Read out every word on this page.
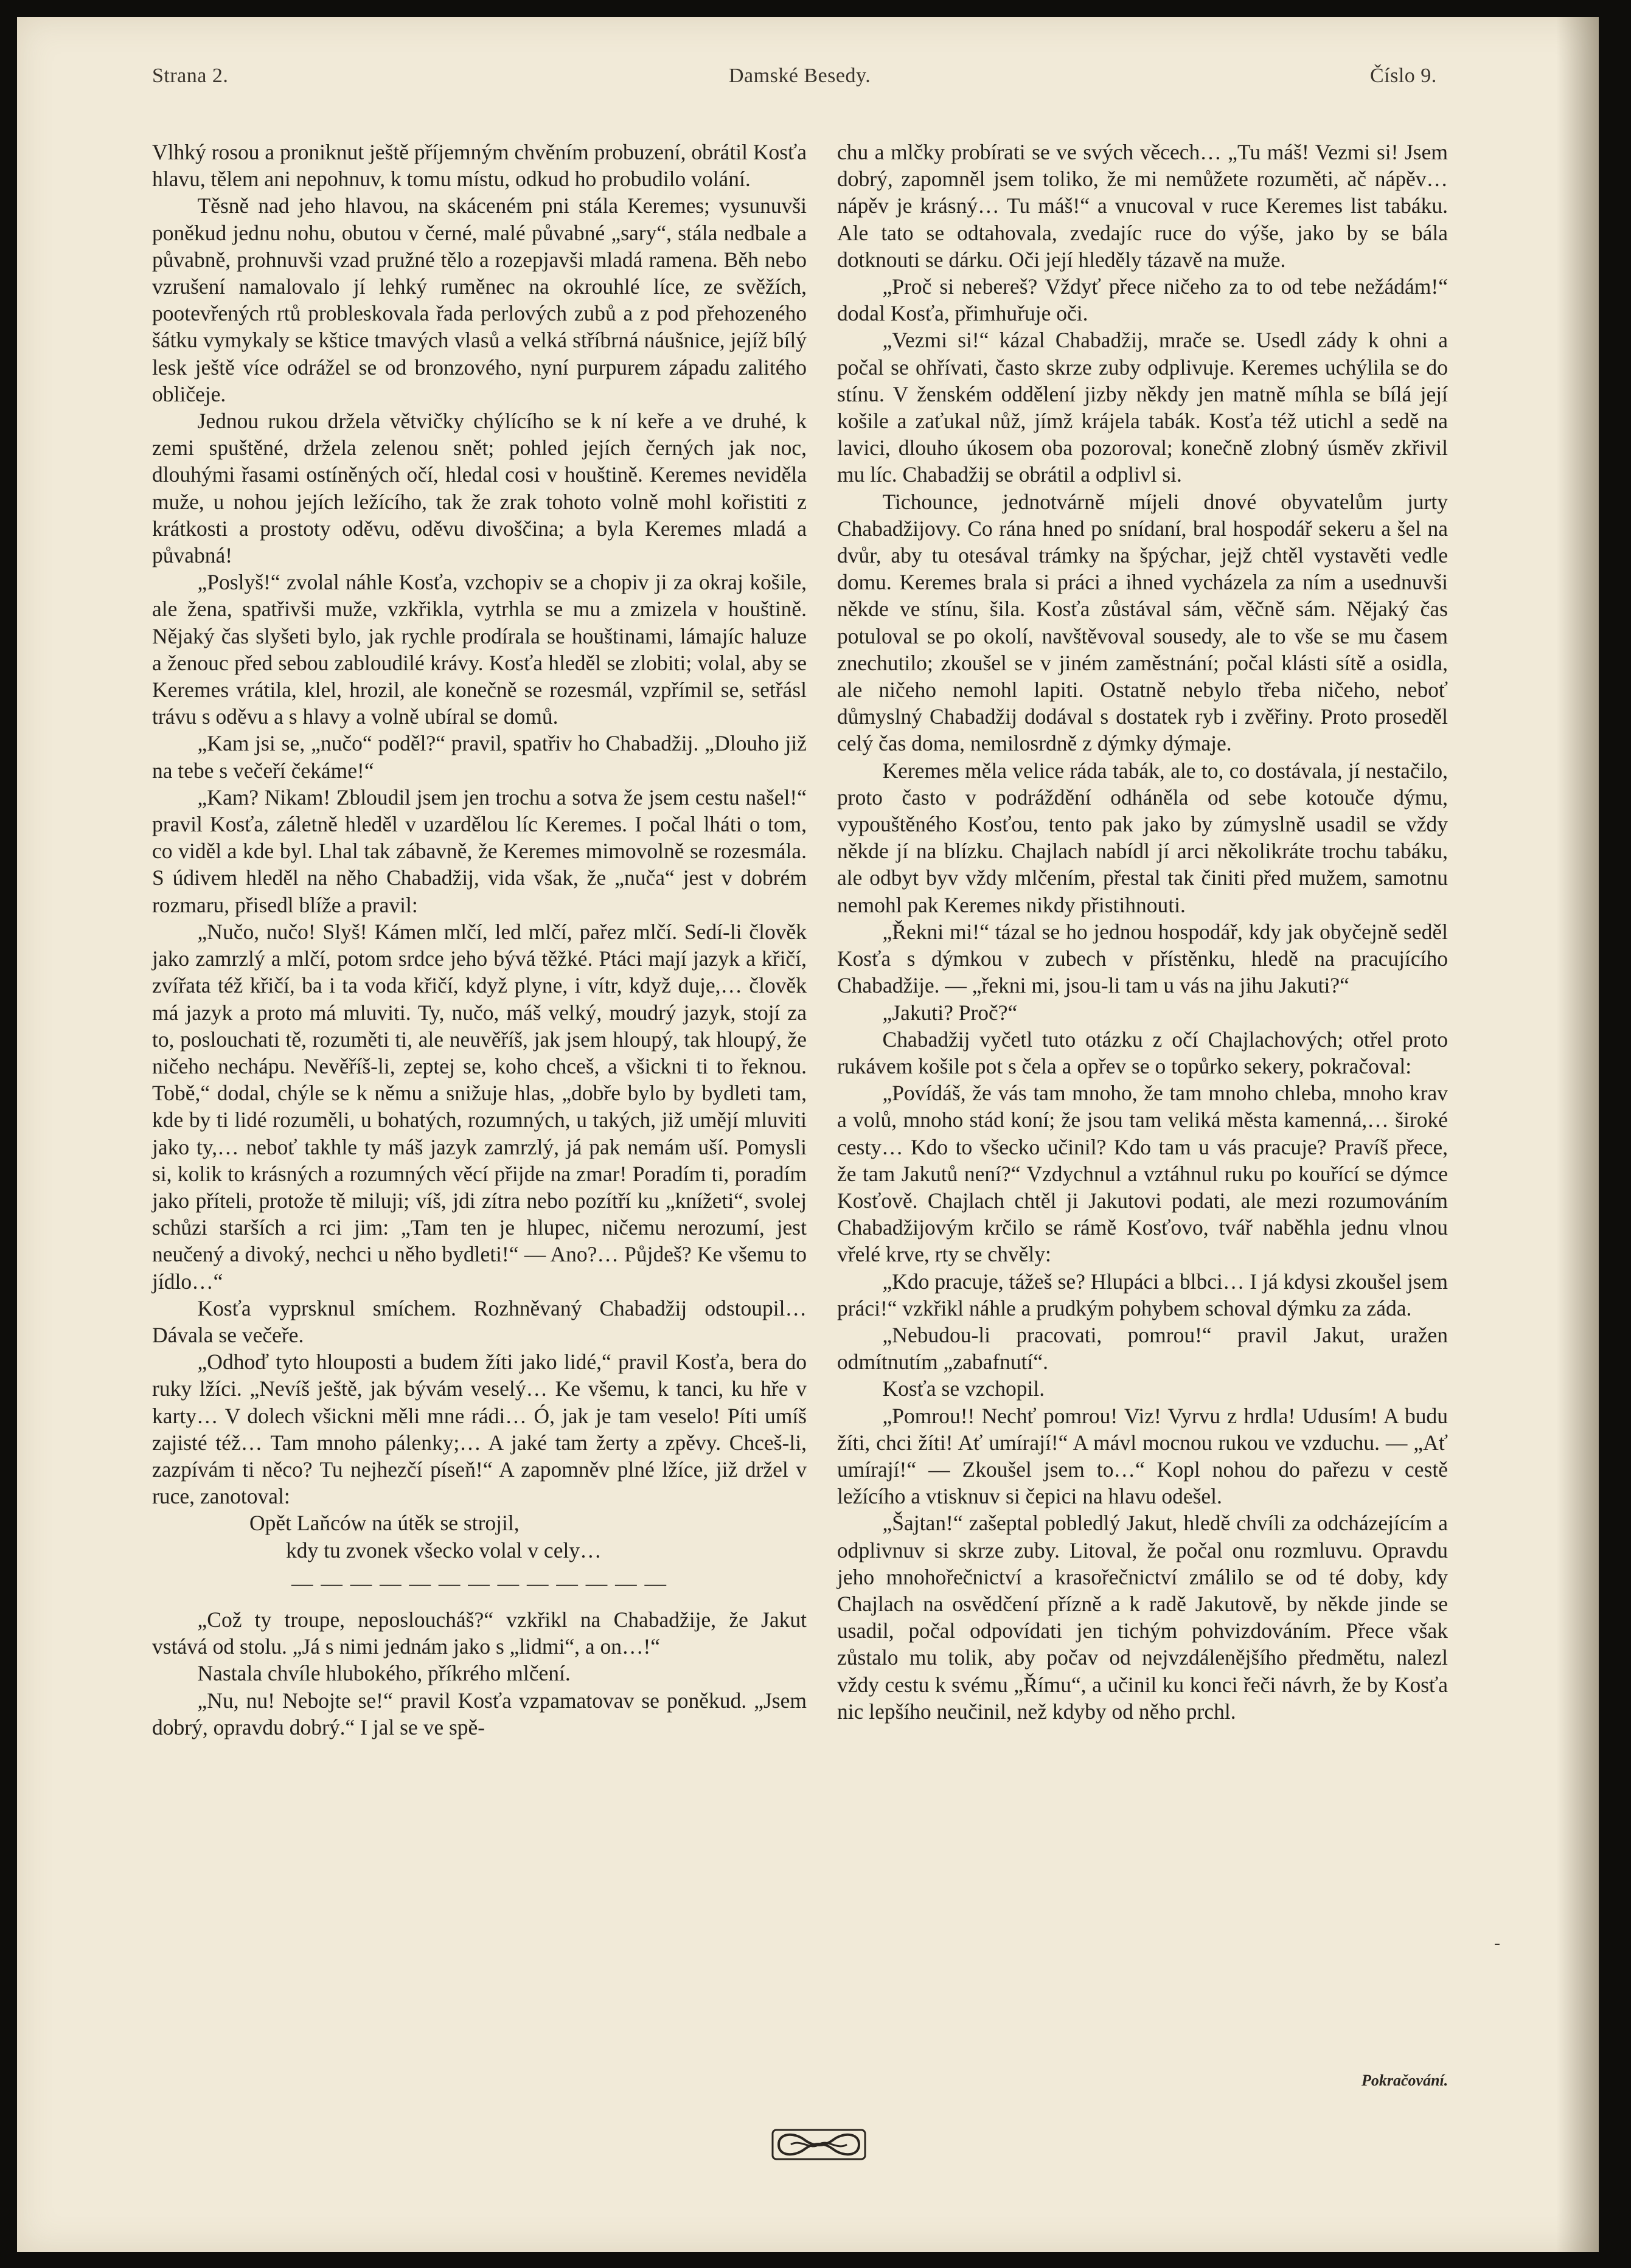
Strana 2.	Damské Besedy.	Číslo 9.

Vlhký rosou a proniknut ještě příjemným chvěním probuzení, obrátil Kosťa hlavu, tělem ani nepohnuv, k tomu místu, odkud ho probudilo volání.

Těsně nad jeho hlavou, na skáceném pni stála Keremes; vysunuvši poněkud jednu nohu, obutou v černé, malé půvabné „sary“, stála nedbale a půvabně, prohnuvši vzad pružné tělo a rozepjavši mladá ramena. Běh nebo vzrušení namalovalo jí lehký ruměnec na okrouhlé líce, ze svěžích, pootevřených rtů probleskovala řada perlových zubů a z pod přehozeného šátku vymykaly se kštice tmavých vlasů a velká stříbrná náušnice, jejíž bílý lesk ještě více odrážel se od bronzového, nyní purpurem západu zalitého obličeje.

Jednou rukou držela větvičky chýlícího se k ní keře a ve druhé, k zemi spuštěné, držela zelenou snět; pohled jejích černých jak noc, dlouhými řasami ostíněných očí, hledal cosi v houštině. Keremes neviděla muže, u nohou jejích ležícího, tak že zrak tohoto volně mohl kořistiti z krátkosti a prostoty oděvu, oděvu divoščina; a byla Keremes mladá a půvabná!

„Poslyš!“ zvolal náhle Kosťa, vzchopiv se a chopiv ji za okraj košile, ale žena, spatřivši muže, vzkřikla, vytrhla se mu a zmizela v houštině. Nějaký čas slyšeti bylo, jak rychle prodírala se houštinami, lámajíc haluze a ženouc před sebou zabloudilé krávy. Kosťa hleděl se zlobiti; volal, aby se Keremes vrátila, klel, hrozil, ale konečně se rozesmál, vzpřímil se, setřásl trávu s oděvu a s hlavy a volně ubíral se domů.

„Kam jsi se, „nučo“ poděl?“ pravil, spatřiv ho Chabadžij. „Dlouho již na tebe s večeří čekáme!“

„Kam? Nikam! Zbloudil jsem jen trochu a sotva že jsem cestu našel!“ pravil Kosťa, záletně hleděl v uzardělou líc Keremes. I počal lháti o tom, co viděl a kde byl. Lhal tak zábavně, že Keremes mimovolně se rozesmála. S údivem hleděl na něho Chabadžij, vida však, že „nuča“ jest v dobrém rozmaru, přisedl blíže a pravil:

„Nučo, nučo! Slyš! Kámen mlčí, led mlčí, pařez mlčí. Sedí-li člověk jako zamrzlý a mlčí, potom srdce jeho bývá těžké. Ptáci mají jazyk a křičí, zvířata též křičí, ba i ta voda křičí, když plyne, i vítr, když duje,… člověk má jazyk a proto má mluviti. Ty, nučo, máš velký, moudrý jazyk, stojí za to, poslouchati tě, rozuměti ti, ale neuvěříš, jak jsem hloupý, tak hloupý, že ničeho nechápu. Nevěříš-li, zeptej se, koho chceš, a všickni ti to řeknou. Tobě,“ dodal, chýle se k němu a snižuje hlas, „dobře bylo by bydleti tam, kde by ti lidé rozuměli, u bohatých, rozumných, u takých, již umějí mluviti jako ty,… neboť takhle ty máš jazyk zamrzlý, já pak nemám uší. Pomysli si, kolik to krásných a rozumných věcí přijde na zmar! Poradím ti, poradím jako příteli, protože tě miluji; víš, jdi zítra nebo pozítří ku „knížeti“, svolej schůzi starších a rci jim: „Tam ten je hlupec, ničemu nerozumí, jest neučený a divoký, nechci u něho bydleti!“ — Ano?… Půjdeš? Ke všemu to jídlo…“

Kosťa vyprsknul smíchem. Rozhněvaný Chabadžij odstoupil… Dávala se večeře.

„Odhoď tyto hlouposti a budem žíti jako lidé,“ pravil Kosťa, bera do ruky lžíci. „Nevíš ještě, jak bývám veselý… Ke všemu, k tanci, ku hře v karty… V dolech všickni měli mne rádi… Ó, jak je tam veselo! Píti umíš zajisté též… Tam mnoho pálenky;… A jaké tam žerty a zpěvy. Chceš-li, zazpívám ti něco? Tu nejhezčí píseň!“ A zapomněv plné lžíce, již držel v ruce, zanotoval:

Opět Laňców na útěk se strojil,
kdy tu zvonek všecko volal v cely…
— — — — — — — — — — — — —

„Což ty troupe, neposloucháš?“ vzkřikl na Chabadžije, že Jakut vstává od stolu. „Já s nimi jednám jako s „lidmi“, a on…!“

Nastala chvíle hlubokého, příkrého mlčení.

„Nu, nu! Nebojte se!“ pravil Kosťa vzpamatovav se poněkud. „Jsem dobrý, opravdu dobrý.“ I jal se ve spě-

chu a mlčky probírati se ve svých věcech… „Tu máš! Vezmi si! Jsem dobrý, zapomněl jsem toliko, že mi nemůžete rozuměti, ač nápěv… nápěv je krásný… Tu máš!“ a vnucoval v ruce Keremes list tabáku. Ale tato se odtahovala, zvedajíc ruce do výše, jako by se bála dotknouti se dárku. Oči její hleděly tázavě na muže.

„Proč si nebereš? Vždyť přece ničeho za to od tebe nežádám!“ dodal Kosťa, přimhuřuje oči.

„Vezmi si!“ kázal Chabadžij, mrače se. Usedl zády k ohni a počal se ohřívati, často skrze zuby odplivuje. Keremes uchýlila se do stínu. V ženském oddělení jizby někdy jen matně míhla se bílá její košile a zaťukal nůž, jímž krájela tabák. Kosťa též utichl a sedě na lavici, dlouho úkosem oba pozoroval; konečně zlobný úsměv zkřivil mu líc. Chabadžij se obrátil a odplivl si.

Tichounce, jednotvárně míjeli dnové obyvatelům jurty Chabadžijovy. Co rána hned po snídaní, bral hospodář sekeru a šel na dvůr, aby tu otesával trámky na špýchar, jejž chtěl vystavěti vedle domu. Keremes brala si práci a ihned vycházela za ním a usednuvši někde ve stínu, šila. Kosťa zůstával sám, věčně sám. Nějaký čas potuloval se po okolí, navštěvoval sousedy, ale to vše se mu časem znechutilo; zkoušel se v jiném zaměstnání; počal klásti sítě a osidla, ale ničeho nemohl lapiti. Ostatně nebylo třeba ničeho, neboť důmyslný Chabadžij dodával s dostatek ryb i zvěřiny. Proto proseděl celý čas doma, nemilosrdně z dýmky dýmaje.

Keremes měla velice ráda tabák, ale to, co dostávala, jí nestačilo, proto často v podráždění odháněla od sebe kotouče dýmu, vypouštěného Kosťou, tento pak jako by zúmyslně usadil se vždy někde jí na blízku. Chajlach nabídl jí arci několikráte trochu tabáku, ale odbyt byv vždy mlčením, přestal tak činiti před mužem, samotnu nemohl pak Keremes nikdy přistihnouti.

„Řekni mi!“ tázal se ho jednou hospodář, kdy jak obyčejně seděl Kosťa s dýmkou v zubech v přístěnku, hledě na pracujícího Chabadžije. — „řekni mi, jsou-li tam u vás na jihu Jakuti?“

„Jakuti? Proč?“

Chabadžij vyčetl tuto otázku z očí Chajlachových; otřel proto rukávem košile pot s čela a opřev se o topůrko sekery, pokračoval:

„Povídáš, že vás tam mnoho, že tam mnoho chleba, mnoho krav a volů, mnoho stád koní; že jsou tam veliká města kamenná,… široké cesty… Kdo to všecko učinil? Kdo tam u vás pracuje? Pravíš přece, že tam Jakutů není?“ Vzdychnul a vztáhnul ruku po kouřící se dýmce Kosťově. Chajlach chtěl ji Jakutovi podati, ale mezi rozumováním Chabadžijovým krčilo se rámě Kosťovo, tvář naběhla jednu vlnou vřelé krve, rty se chvěly:

„Kdo pracuje, tážeš se? Hlupáci a blbci… I já kdysi zkoušel jsem práci!“ vzkřikl náhle a prudkým pohybem schoval dýmku za záda.

„Nebudou-li pracovati, pomrou!“ pravil Jakut, uražen odmítnutím „zabafnutí“.

Kosťa se vzchopil.

„Pomrou!! Nechť pomrou! Viz! Vyrvu z hrdla! Udusím! A budu žíti, chci žíti! Ať umírají!“ A mávl mocnou rukou ve vzduchu. — „Ať umírají!“ — Zkoušel jsem to…“ Kopl nohou do pařezu v cestě ležícího a vtisknuv si čepici na hlavu odešel.

„Šajtan!“ zašeptal pobledlý Jakut, hledě chvíli za odcházejícím a odplivnuv si skrze zuby. Litoval, že počal onu rozmluvu. Opravdu jeho mnohořečnictví a krasořečnictví zmálilo se od té doby, kdy Chajlach na osvědčení přízně a k radě Jakutově, by někde jinde se usadil, počal odpovídati jen tichým pohvizdováním. Přece však zůstalo mu tolik, aby počav od nejvzdálenějšího předmětu, nalezl vždy cestu k svému „Římu“, a učinil ku konci řeči návrh, že by Kosťa nic lepšího neučinil, než kdyby od něho prchl.

Pokračování.
-
